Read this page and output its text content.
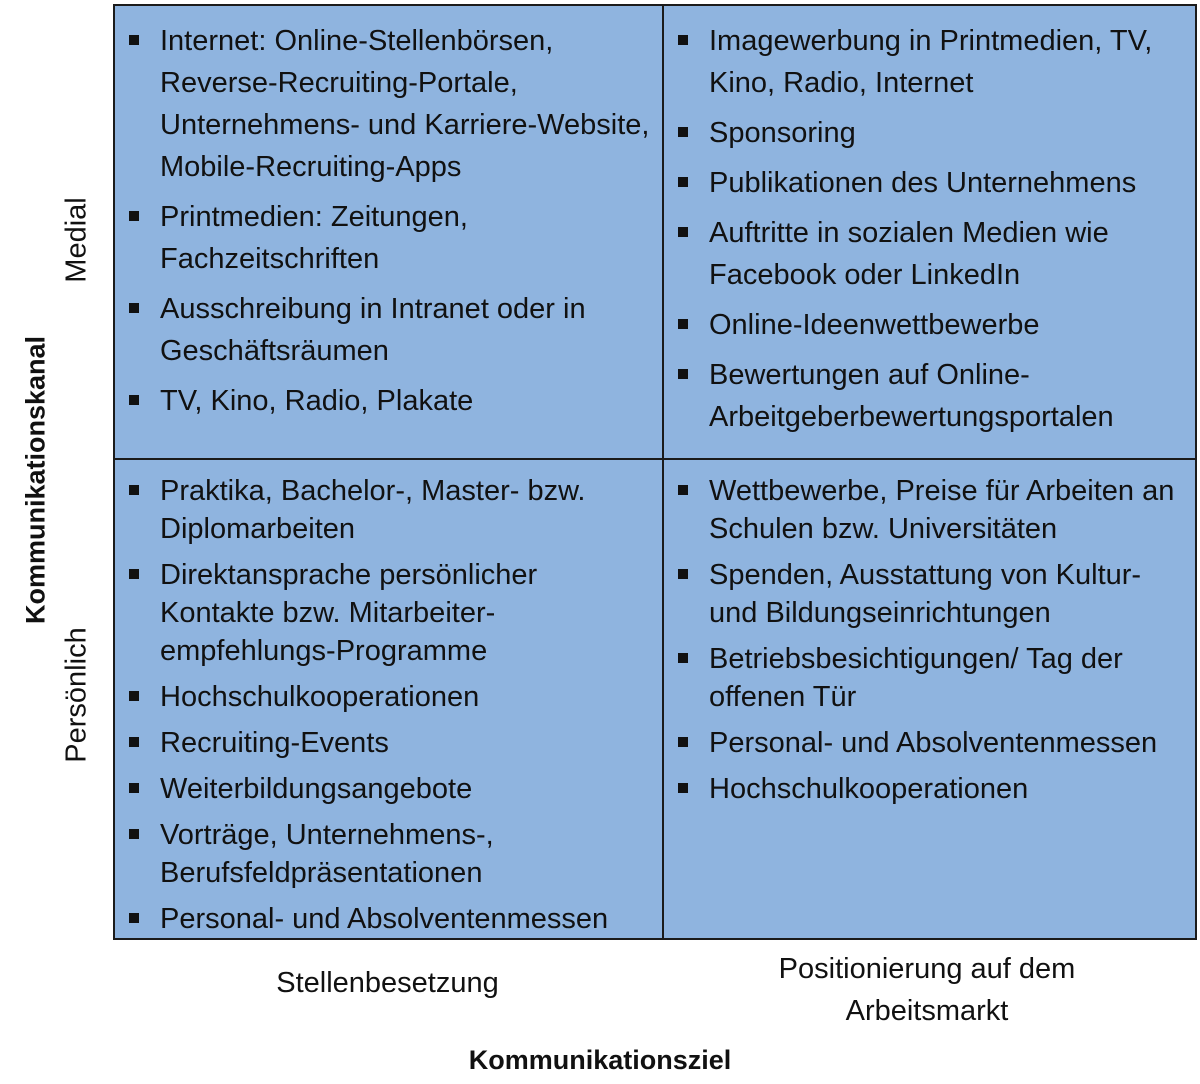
Kommunikationskanal
Medial
Persönlich
Internet: Online-Stellenbörsen, Reverse-Recruiting-Portale, Unternehmens- und Karriere-Website, Mobile-Recruiting-Apps
Printmedien: Zeitungen, Fachzeitschriften
Ausschreibung in Intranet oder in Geschäftsräumen
TV, Kino, Radio, Plakate
Imagewerbung in Printmedien, TV, Kino, Radio, Internet
Sponsoring
Publikationen des Unternehmens
Auftritte in sozialen Medien wie Facebook oder LinkedIn
Online-Ideenwettbewerbe
Bewertungen auf Online-Arbeitgeberbewertungsportalen
Praktika, Bachelor-, Master- bzw. Diplomarbeiten
Direktansprache persönlicher Kontakte bzw. Mitarbeiter-empfehlungs-Programme
Hochschulkooperationen
Recruiting-Events
Weiterbildungsangebote
Vorträge, Unternehmens-, Berufsfeldpräsentationen
Personal- und Absolventenmessen
Wettbewerbe, Preise für Arbeiten an Schulen bzw. Universitäten
Spenden, Ausstattung von Kultur- und Bildungseinrichtungen
Betriebsbesichtigungen/ Tag der offenen Tür
Personal- und Absolventenmessen
Hochschulkooperationen
Stellenbesetzung	Positionierung auf dem Arbeitsmarkt
Kommunikationsziel
